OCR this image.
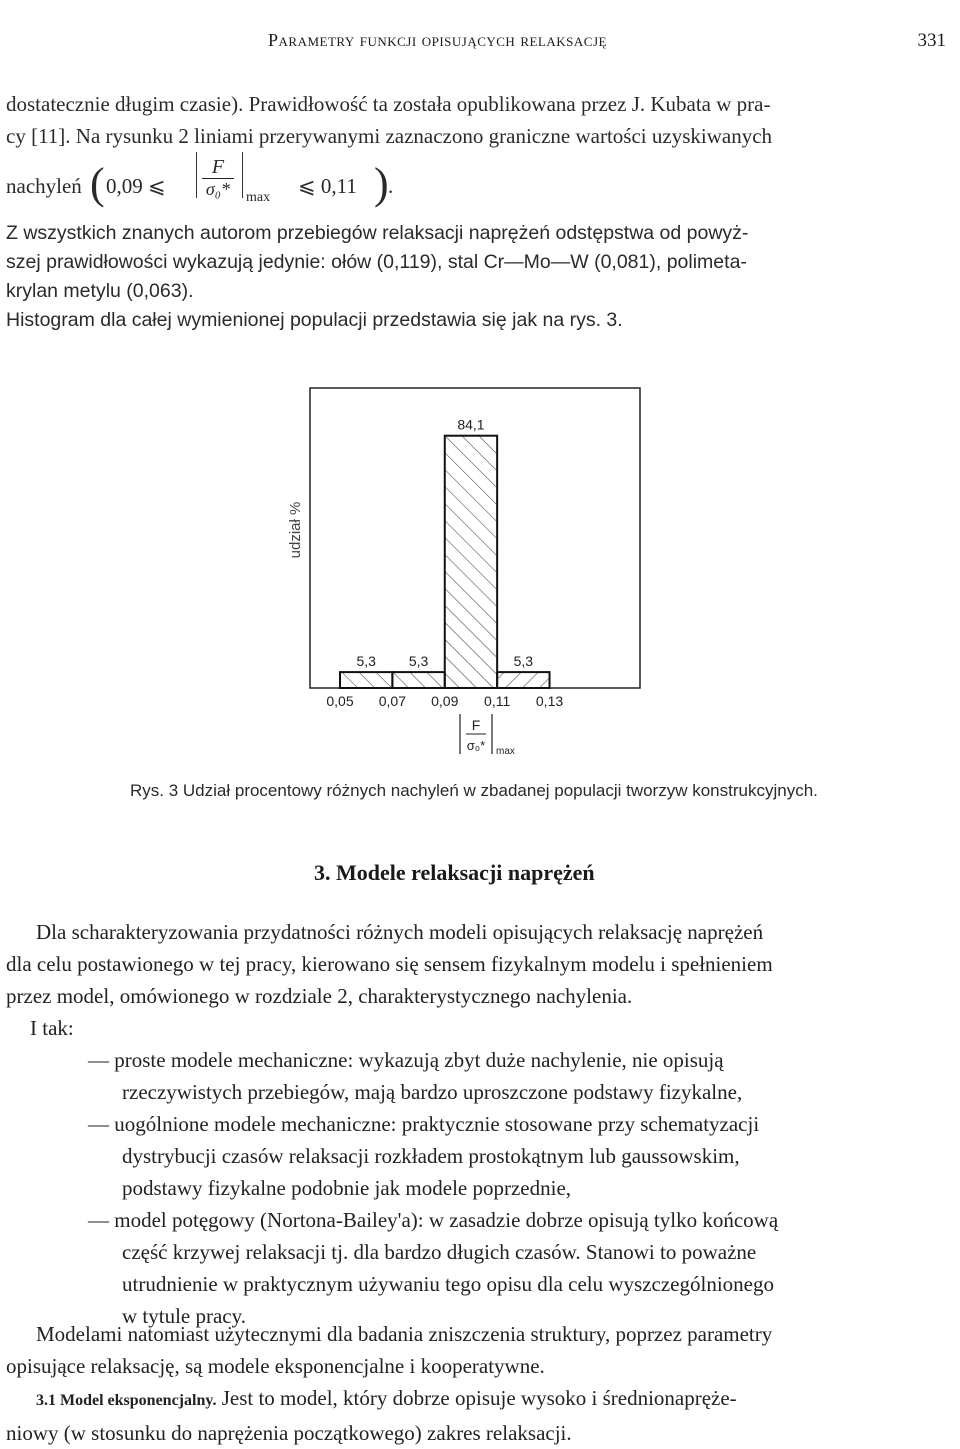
Parametry funkcji opisujących relaksację	331
dostatecznie długim czasie). Prawidłowość ta została opublikowana przez J. Kubata w pra-
cy [11]. Na rysunku 2 liniami przerywanymi zaznaczono graniczne wartości uzyskiwanych
nachyleń ( 0,09 ⩽
F
σ₀*	max ⩽ 0,11 ) .
Z wszystkich znanych autorom przebiegów relaksacji naprężeń odstępstwa od powyż-
szej prawidłowości wykazują jedynie: ołów (0,119), stal Cr—Mo—W (0,081), polimeta-
krylan metylu (0,063).
Histogram dla całej wymienionej populacji przedstawia się jak na rys. 3.
5,3 5,3
84,1
5,3
0,05 0,07 0,09 0,11 0,13
udział %
F
σ₀* max
Rys. 3 Udział procentowy różnych nachyleń w zbadanej populacji tworzyw konstrukcyjnych.
3. Modele relaksacji naprężeń
Dla scharakteryzowania przydatności różnych modeli opisujących relaksację naprężeń
dla celu postawionego w tej pracy, kierowano się sensem fizykalnym modelu i spełnieniem
przez model, omówionego w rozdziale 2, charakterystycznego nachylenia.
I tak:
— proste modele mechaniczne: wykazują zbyt duże nachylenie, nie opisują
rzeczywistych przebiegów, mają bardzo uproszczone podstawy fizykalne,
— uogólnione modele mechaniczne: praktycznie stosowane przy schematyzacji
dystrybucji czasów relaksacji rozkładem prostokątnym lub gaussowskim,
podstawy fizykalne podobnie jak modele poprzednie,
— model potęgowy (Nortona-Bailey'a): w zasadzie dobrze opisują tylko końcową
część krzywej relaksacji tj. dla bardzo długich czasów. Stanowi to poważne
utrudnienie w praktycznym używaniu tego opisu dla celu wyszczególnionego
w tytule pracy.
Modelami natomiast użytecznymi dla badania zniszczenia struktury, poprzez parametry
opisujące relaksację, są modele eksponencjalne i kooperatywne.
3.1 Model eksponencjalny. Jest to model, który dobrze opisuje wysoko i średnionapręże-
niowy (w stosunku do naprężenia początkowego) zakres relaksacji.
